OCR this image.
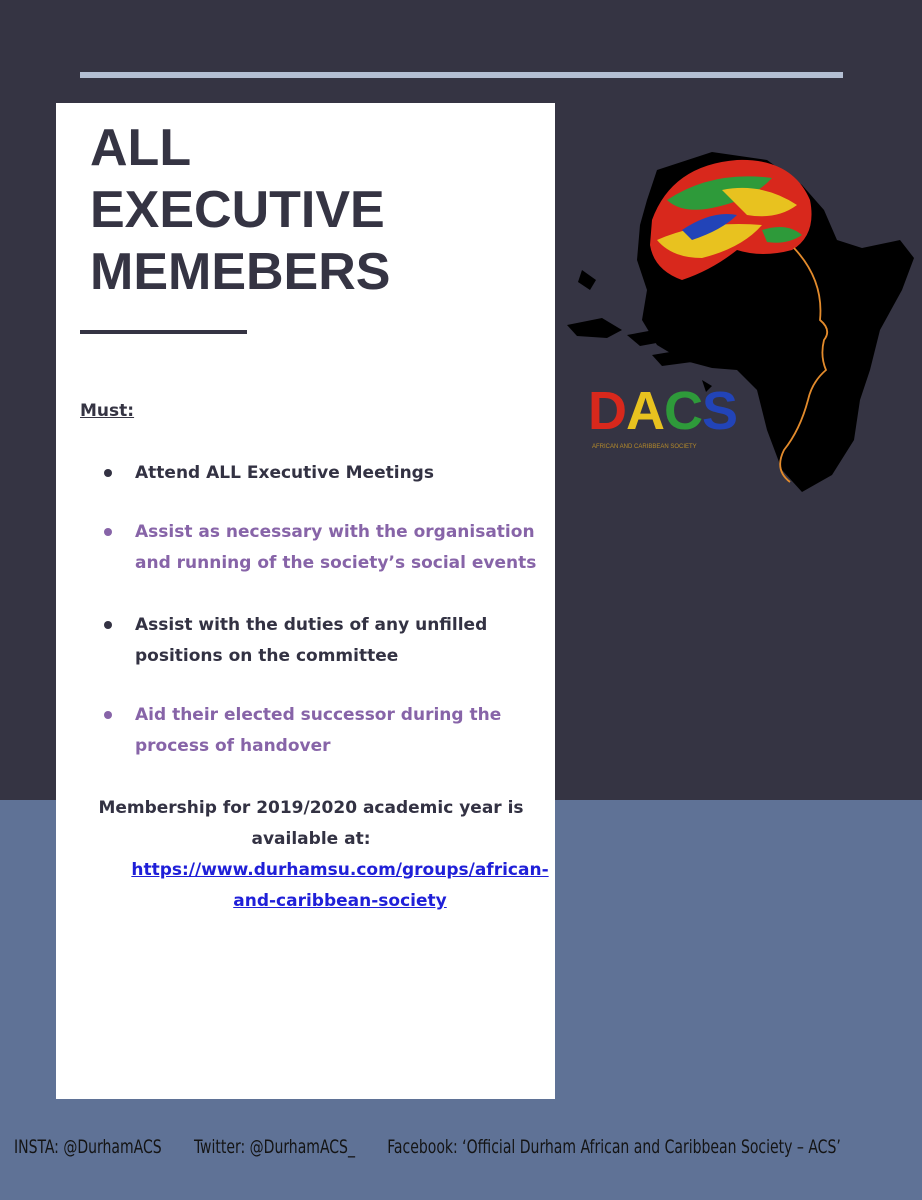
ALL
EXECUTIVE
MEMEBERS
Must:
Attend ALL Executive Meetings
Assist as necessary with the organisation and running of the society’s social events
Assist with the duties of any unfilled positions on the committee
Aid their elected successor during the process of handover
Membership for 2019/2020 academic year is available at:
https://www.durhamsu.com/groups/african-
and-caribbean-society
AFRICAN AND CARIBBEAN SOCIETY
DACS
INSTA: @DurhamACS Twitter: @DurhamACS_ Facebook: ‘Official Durham African and Caribbean Society – ACS’
